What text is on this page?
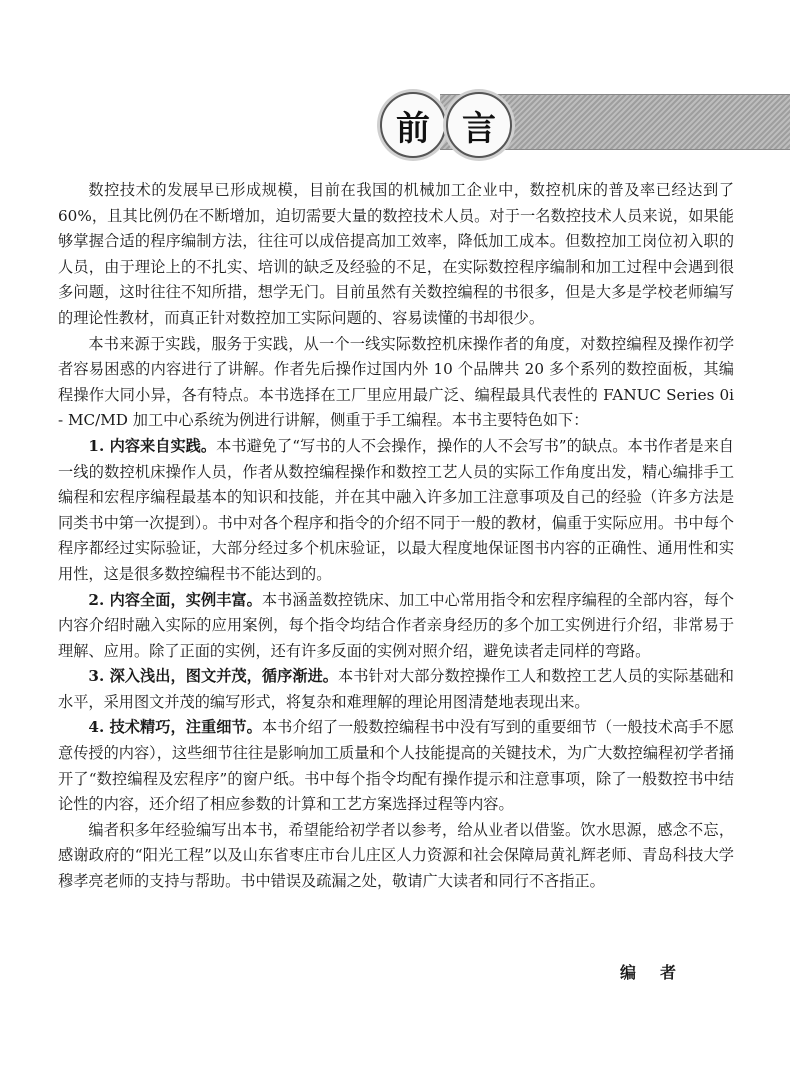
前 言

数控技术的发展早已形成规模，目前在我国的机械加工企业中，数控机床的普及率已经达到了60%，且其比例仍在不断增加，迫切需要大量的数控技术人员。对于一名数控技术人员来说，如果能够掌握合适的程序编制方法，往往可以成倍提高加工效率，降低加工成本。但数控加工岗位初入职的人员，由于理论上的不扎实、培训的缺乏及经验的不足，在实际数控程序编制和加工过程中会遇到很多问题，这时往往不知所措，想学无门。目前虽然有关数控编程的书很多，但是大多是学校老师编写的理论性教材，而真正针对数控加工实际问题的、容易读懂的书却很少。

本书来源于实践，服务于实践，从一个一线实际数控机床操作者的角度，对数控编程及操作初学者容易困惑的内容进行了讲解。作者先后操作过国内外 10 个品牌共 20 多个系列的数控面板，其编程操作大同小异，各有特点。本书选择在工厂里应用最广泛、编程最具代表性的 FANUC Series 0i - MC/MD 加工中心系统为例进行讲解，侧重于手工编程。本书主要特色如下：

1. 内容来自实践。本书避免了“写书的人不会操作，操作的人不会写书”的缺点。本书作者是来自一线的数控机床操作人员，作者从数控编程操作和数控工艺人员的实际工作角度出发，精心编排手工编程和宏程序编程最基本的知识和技能，并在其中融入许多加工注意事项及自己的经验（许多方法是同类书中第一次提到）。书中对各个程序和指令的介绍不同于一般的教材，偏重于实际应用。书中每个程序都经过实际验证，大部分经过多个机床验证，以最大程度地保证图书内容的正确性、通用性和实用性，这是很多数控编程书不能达到的。

2. 内容全面，实例丰富。本书涵盖数控铣床、加工中心常用指令和宏程序编程的全部内容，每个内容介绍时融入实际的应用案例，每个指令均结合作者亲身经历的多个加工实例进行介绍，非常易于理解、应用。除了正面的实例，还有许多反面的实例对照介绍，避免读者走同样的弯路。

3. 深入浅出，图文并茂，循序渐进。本书针对大部分数控操作工人和数控工艺人员的实际基础和水平，采用图文并茂的编写形式，将复杂和难理解的理论用图清楚地表现出来。

4. 技术精巧，注重细节。本书介绍了一般数控编程书中没有写到的重要细节（一般技术高手不愿意传授的内容），这些细节往往是影响加工质量和个人技能提高的关键技术，为广大数控编程初学者捅开了“数控编程及宏程序”的窗户纸。书中每个指令均配有操作提示和注意事项，除了一般数控书中结论性的内容，还介绍了相应参数的计算和工艺方案选择过程等内容。

编者积多年经验编写出本书，希望能给初学者以参考，给从业者以借鉴。饮水思源，感念不忘，感谢政府的“阳光工程”以及山东省枣庄市台儿庄区人力资源和社会保障局黄礼辉老师、青岛科技大学穆孝亮老师的支持与帮助。书中错误及疏漏之处，敬请广大读者和同行不吝指正。

编者
